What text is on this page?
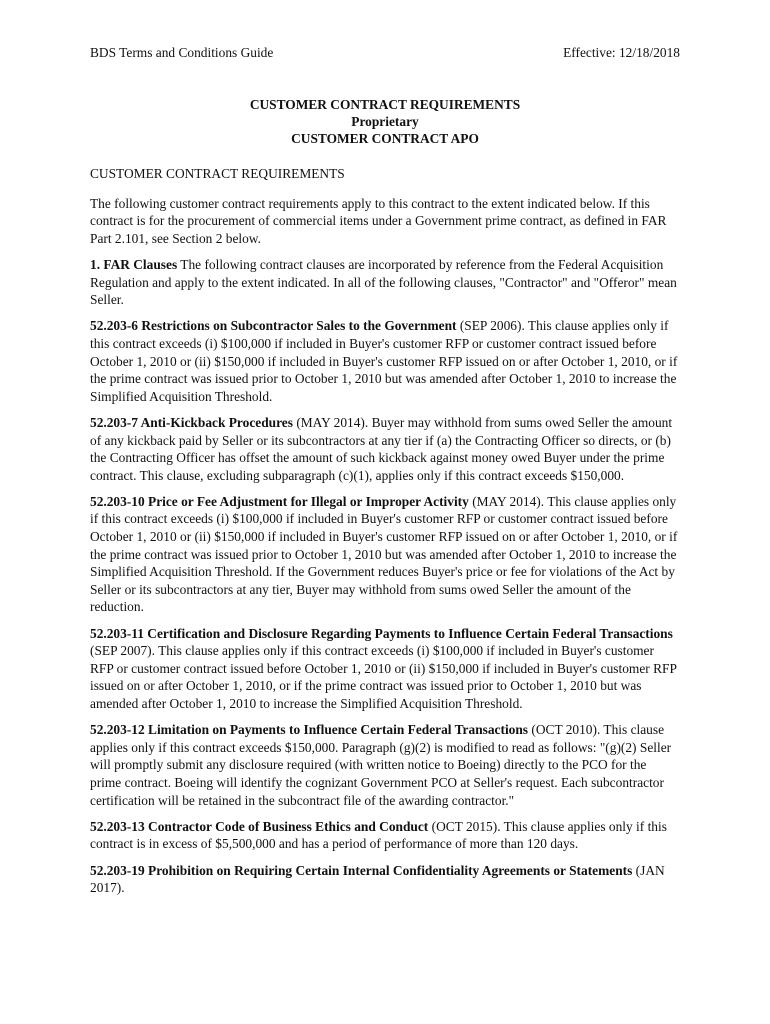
BDS Terms and Conditions Guide	Effective: 12/18/2018
CUSTOMER CONTRACT REQUIREMENTS
Proprietary
CUSTOMER CONTRACT APO

CUSTOMER CONTRACT REQUIREMENTS

The following customer contract requirements apply to this contract to the extent indicated below. If this contract is for the procurement of commercial items under a Government prime contract, as defined in FAR Part 2.101, see Section 2 below.

1. FAR Clauses The following contract clauses are incorporated by reference from the Federal Acquisition Regulation and apply to the extent indicated. In all of the following clauses, "Contractor" and "Offeror" mean Seller.

52.203-6 Restrictions on Subcontractor Sales to the Government (SEP 2006). This clause applies only if this contract exceeds (i) $100,000 if included in Buyer's customer RFP or customer contract issued before October 1, 2010 or (ii) $150,000 if included in Buyer's customer RFP issued on or after October 1, 2010, or if the prime contract was issued prior to October 1, 2010 but was amended after October 1, 2010 to increase the Simplified Acquisition Threshold.

52.203-7 Anti-Kickback Procedures (MAY 2014). Buyer may withhold from sums owed Seller the amount of any kickback paid by Seller or its subcontractors at any tier if (a) the Contracting Officer so directs, or (b) the Contracting Officer has offset the amount of such kickback against money owed Buyer under the prime contract. This clause, excluding subparagraph (c)(1), applies only if this contract exceeds $150,000.

52.203-10 Price or Fee Adjustment for Illegal or Improper Activity (MAY 2014). This clause applies only if this contract exceeds (i) $100,000 if included in Buyer's customer RFP or customer contract issued before October 1, 2010 or (ii) $150,000 if included in Buyer's customer RFP issued on or after October 1, 2010, or if the prime contract was issued prior to October 1, 2010 but was amended after October 1, 2010 to increase the Simplified Acquisition Threshold. If the Government reduces Buyer's price or fee for violations of the Act by Seller or its subcontractors at any tier, Buyer may withhold from sums owed Seller the amount of the reduction.

52.203-11 Certification and Disclosure Regarding Payments to Influence Certain Federal Transactions (SEP 2007). This clause applies only if this contract exceeds (i) $100,000 if included in Buyer's customer RFP or customer contract issued before October 1, 2010 or (ii) $150,000 if included in Buyer's customer RFP issued on or after October 1, 2010, or if the prime contract was issued prior to October 1, 2010 but was amended after October 1, 2010 to increase the Simplified Acquisition Threshold.

52.203-12 Limitation on Payments to Influence Certain Federal Transactions (OCT 2010). This clause applies only if this contract exceeds $150,000. Paragraph (g)(2) is modified to read as follows: "(g)(2) Seller will promptly submit any disclosure required (with written notice to Boeing) directly to the PCO for the prime contract. Boeing will identify the cognizant Government PCO at Seller's request. Each subcontractor certification will be retained in the subcontract file of the awarding contractor."

52.203-13 Contractor Code of Business Ethics and Conduct (OCT 2015). This clause applies only if this contract is in excess of $5,500,000 and has a period of performance of more than 120 days.

52.203-19 Prohibition on Requiring Certain Internal Confidentiality Agreements or Statements (JAN 2017).
